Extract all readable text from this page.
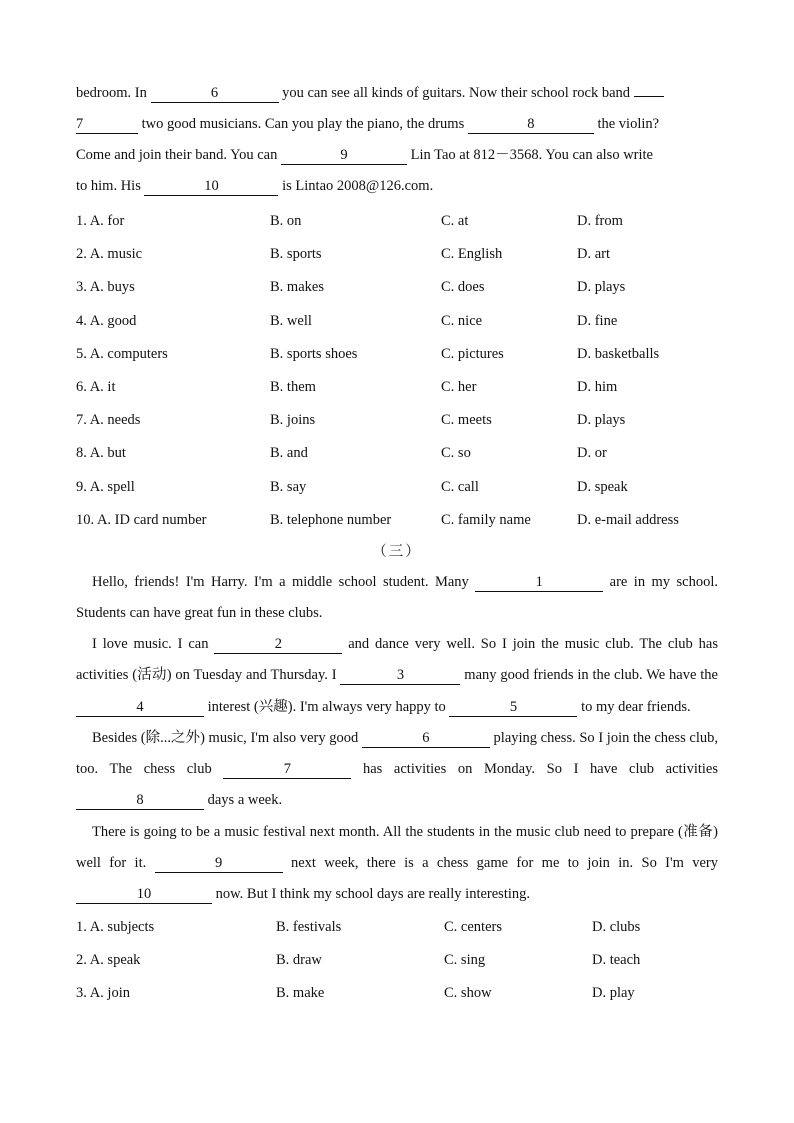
bedroom. In	6	you can see all kinds of guitars. Now their school rock band
7	two good musicians. Can you play the piano, the drums	8	the violin?
Come and join their band. You can	9	Lin Tao at 812－3568. You can also write
to him. His	10	is Lintao 2008@126.com.
1. A. for	B. on	C. at	D. from
2. A. music	B. sports	C. English	D. art
3. A. buys	B. makes	C. does	D. plays
4. A. good	B. well	C. nice	D. fine
5. A. computers	B. sports shoes	C. pictures	D. basketballs
6. A. it	B. them	C. her	D. him
7. A. needs	B. joins	C. meets	D. plays
8. A. but	B. and	C. so	D. or
9. A. spell	B. say	C. call	D. speak
10. A. ID card number	B. telephone number	C. family name	D. e-mail address
（三）

Hello, friends! I'm Harry. I'm a middle school student. Many	1	are in my school. Students can have great fun in these clubs.

I love music. I can	2	and dance very well. So I join the music club. The club has activities (活动) on Tuesday and Thursday. I	3	many good friends in the club. We have the 4	interest (兴趣). I'm always very happy to	5	to my dear friends.

Besides (除...之外) music, I'm also very good	6	playing chess. So I join the chess club, too. The chess club	7	has activities on Monday. So I have club activities 8	days a week.

There is going to be a music festival next month. All the students in the music club need to prepare (准备) well for it.	9	next week, there is a chess game for me to join in. So I'm very 10	now. But I think my school days are really interesting.

1. A. subjects	B. festivals	C. centers	D. clubs
2. A. speak	B. draw	C. sing	D. teach
3. A. join	B. make	C. show	D. play
